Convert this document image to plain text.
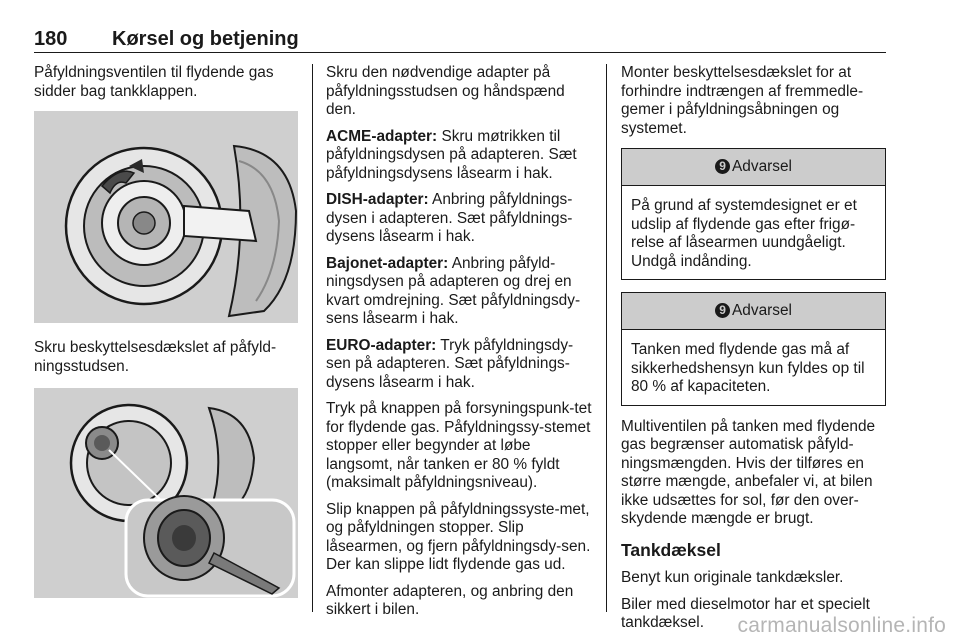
180 Kørsel og betjening

Påfyldningsventilen til flydende gas sidder bag tankklappen.

Skru beskyttelsesdækslet af påfyld-ningsstudsen.

Skru den nødvendige adapter på påfyldningsstudsen og håndspænd den.

ACME-adapter: Skru møtrikken til påfyldningsdysen på adapteren. Sæt påfyldningsdysens låsearm i hak.

DISH-adapter: Anbring påfyldnings-dysen i adapteren. Sæt påfyldnings-dysens låsearm i hak.

Bajonet-adapter: Anbring påfyld-ningsdysen på adapteren og drej en kvart omdrejning. Sæt påfyldningsdy-sens låsearm i hak.

EURO-adapter: Tryk påfyldningsdy-sen på adapteren. Sæt påfyldnings-dysens låsearm i hak.

Tryk på knappen på forsyningspunk-tet for flydende gas. Påfyldningssy-stemet stopper eller begynder at løbe langsomt, når tanken er 80 % fyldt (maksimalt påfyldningsniveau).

Slip knappen på påfyldningssyste-met, og påfyldningen stopper. Slip låsearmen, og fjern påfyldningsdy-sen. Der kan slippe lidt flydende gas ud.

Afmonter adapteren, og anbring den sikkert i bilen.

Monter beskyttelsesdækslet for at forhindre indtrængen af fremmedle-gemer i påfyldningsåbningen og systemet.

9 Advarsel
På grund af systemdesignet er et udslip af flydende gas efter frigø-relse af låsearmen uundgåeligt. Undgå indånding.
9 Advarsel
Tanken med flydende gas må af sikkerhedshensyn kun fyldes op til 80 % af kapaciteten.

Multiventilen på tanken med flydende gas begrænser automatisk påfyld-ningsmængden. Hvis der tilføres en større mængde, anbefaler vi, at bilen ikke udsættes for sol, før den over-skydende mængde er brugt.

Tankdæksel

Benyt kun originale tankdæksler.

Biler med dieselmotor har et specielt tankdæksel.	carmanualsonline.info
